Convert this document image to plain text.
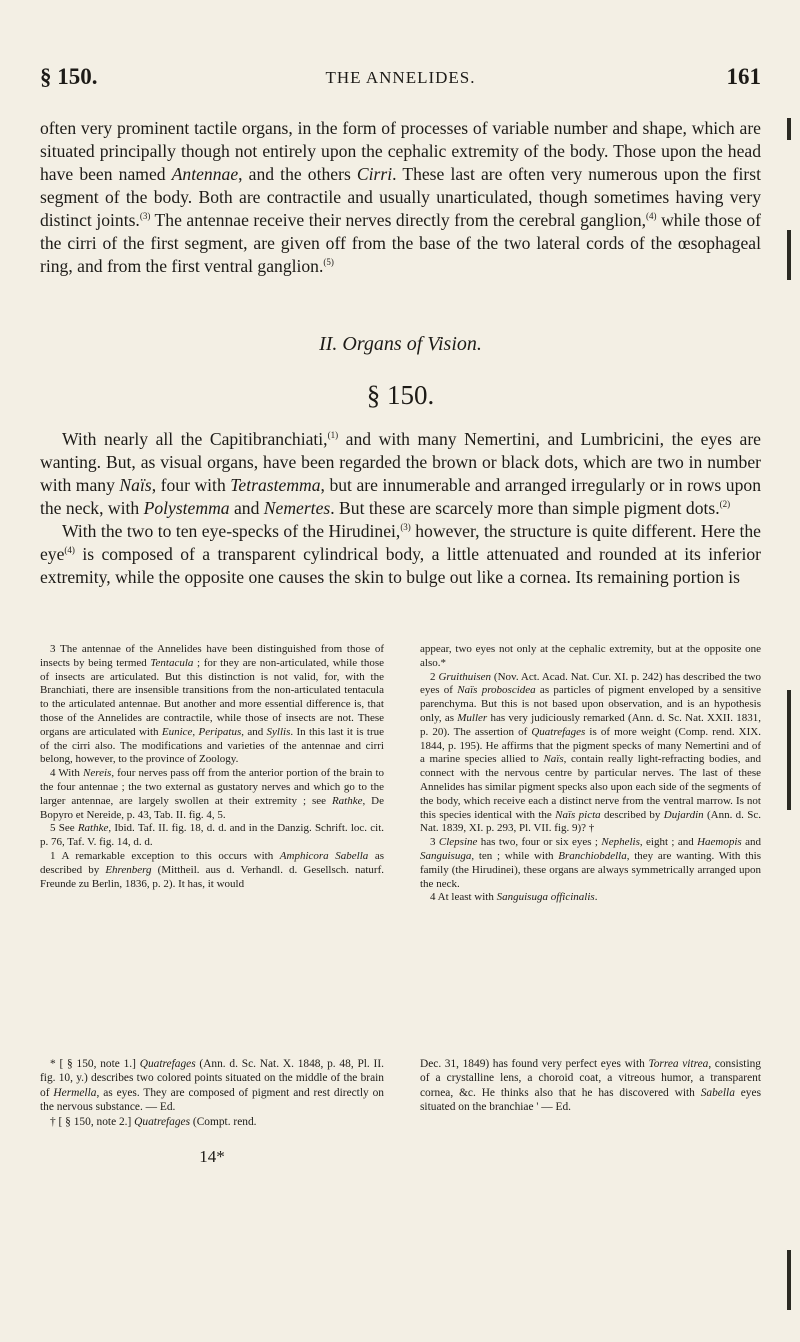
§ 150.	THE ANNELIDES.	161
often very prominent tactile organs, in the form of processes of variable number and shape, which are situated principally though not entirely upon the cephalic extremity of the body. Those upon the head have been named Antennae, and the others Cirri. These last are often very numerous upon the first segment of the body. Both are contractile and usually unarticulated, though sometimes having very distinct joints.$^{(3)}$ The antennae receive their nerves directly from the cerebral ganglion,$^{(4)}$ while those of the cirri of the first segment, are given off from the base of the two lateral cords of the œsophageal ring, and from the first ventral ganglion.$^{(5)}$
II. Organs of Vision.
§ 150.

With nearly all the Capitibranchiati,$^{(1)}$ and with many Nemertini, and Lumbricini, the eyes are wanting. But, as visual organs, have been regarded the brown or black dots, which are two in number with many Naïs, four with Tetrastemma, but are innumerable and arranged irregularly or in rows upon the neck, with Polystemma and Nemertes. But these are scarcely more than simple pigment dots.$^{(2)}$

With the two to ten eye-specks of the Hirudinei,$^{(3)}$ however, the structure is quite different. Here the eye$^{(4)}$ is composed of a transparent cylindrical body, a little attenuated and rounded at its inferior extremity, while the opposite one causes the skin to bulge out like a cornea. Its remaining portion is

3 The antennae of the Annelides have been distinguished from those of insects by being termed Tentacula ; for they are non-articulated, while those of insects are articulated. But this distinction is not valid, for, with the Branchiati, there are insensible transitions from the non-articulated tentacula to the articulated antennae. But another and more essential difference is, that those of the Annelides are contractile, while those of insects are not. These organs are articulated with Eunice, Peripatus, and Syllis. In this last it is true of the cirri also. The modifications and varieties of the antennae and cirri belong, however, to the province of Zoology.

4 With Nereis, four nerves pass off from the anterior portion of the brain to the four antennae ; the two external as gustatory nerves and which go to the larger antennae, are largely swollen at their extremity ; see Rathke, De Bopyro et Nereide, p. 43, Tab. II. fig. 4, 5.

5 See Rathke, Ibid. Taf. II. fig. 18, d. d. and in the Danzig. Schrift. loc. cit. p. 76, Taf. V. fig. 14, d. d.

1 A remarkable exception to this occurs with Amphicora Sabella as described by Ehrenberg (Mittheil. aus d. Verhandl. d. Gesellsch. naturf. Freunde zu Berlin, 1836, p. 2). It has, it would

appear, two eyes not only at the cephalic extremity, but at the opposite one also.*

2 Gruithuisen (Nov. Act. Acad. Nat. Cur. XI. p. 242) has described the two eyes of Naïs proboscidea as particles of pigment enveloped by a sensitive parenchyma. But this is not based upon observation, and is an hypothesis only, as Muller has very judiciously remarked (Ann. d. Sc. Nat. XXII. 1831, p. 20). The assertion of Quatrefages is of more weight (Comp. rend. XIX. 1844, p. 195). He affirms that the pigment specks of many Nemertini and of a marine species allied to Naïs, contain really light-refracting bodies, and connect with the nervous centre by particular nerves. The last of these Annelides has similar pigment specks also upon each side of the segments of the body, which receive each a distinct nerve from the ventral marrow. Is not this species identical with the Naïs picta described by Dujardin (Ann. d. Sc. Nat. 1839, XI. p. 293, Pl. VII. fig. 9)? †

3 Clepsine has two, four or six eyes ; Nephelis, eight ; and Haemopis and Sanguisuga, ten ; while with Branchiobdella, they are wanting. With this family (the Hirudinei), these organs are always symmetrically arranged upon the neck.

4 At least with Sanguisuga officinalis.

* [ § 150, note 1.] Quatrefages (Ann. d. Sc. Nat. X. 1848, p. 48, Pl. II. fig. 10, y.) describes two colored points situated on the middle of the brain of Hermella, as eyes. They are composed of pigment and rest directly on the nervous substance. — Ed.

† [ § 150, note 2.] Quatrefages (Compt. rend.

Dec. 31, 1849) has found very perfect eyes with Torrea vitrea, consisting of a crystalline lens, a choroid coat, a vitreous humor, a transparent cornea, &c. He thinks also that he has discovered with Sabella eyes situated on the branchiae ' — Ed.

14*
